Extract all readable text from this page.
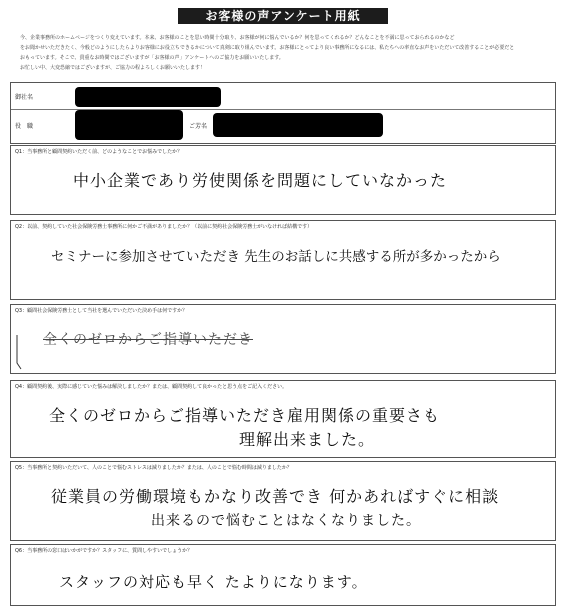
お客様の声アンケート用紙
今、企業事務所のホームページをつくり変えています。本来、お客様のことを思い時間十分取り、お客様が何に悩んでいるか？何を思ってくれるか？どんなことを不満に思っておられるのかなど
をお聞かせいただきたく、今般どのようにしたらよりお客様にお役立ちできるかについて真剣に取り組んでいます。お客様にとってより良い事務所になるには、私たちへの率直なお声をいただいて改善することが必要だと
おもっています。そこで、貴重なお時間ではございますが「お客様の声」アンケートへのご協力をお願いいたします。
お忙しい中、大変恐縮ではございますが、ご協力の程よろしくお願いいたします！
御社名
役　職	ご芳名
Q1：当事務所と顧問契約いただく前、どのようなことでお悩みでしたか？
中小企業であり労使関係を問題にしていなかった
Q2：以前、契約していた社会保険労務士事務所に何かご不満がありましたか？（以前に契約社会保険労務士がいなければ結構です）
セミナーに参加させていただき 先生のお話しに共感する所が多かったから
Q3：顧問社会保険労務士として当社を選んでいただいた決め手は何ですか？
全くのゼロからご指導いただき
Q4：顧問契約後、実際に感じていた悩みは解決しましたか？または、顧問契約して良かったと思う点をご記入ください。
全くのゼロからご指導いただき雇用関係の重要さも
理解出来ました。
Q5：当事務所と契約いただいて、人のことで悩むストレスは減りましたか？または、人のことで悩む時間は減りましたか？
従業員の労働環境もかなり改善でき 何かあればすぐに相談
出来るので悩むことはなくなりました。
Q6：当事務所の窓口はいかがですか？スタッフに、質問しやすいでしょうか？
スタッフの対応も早く たよりになります。
